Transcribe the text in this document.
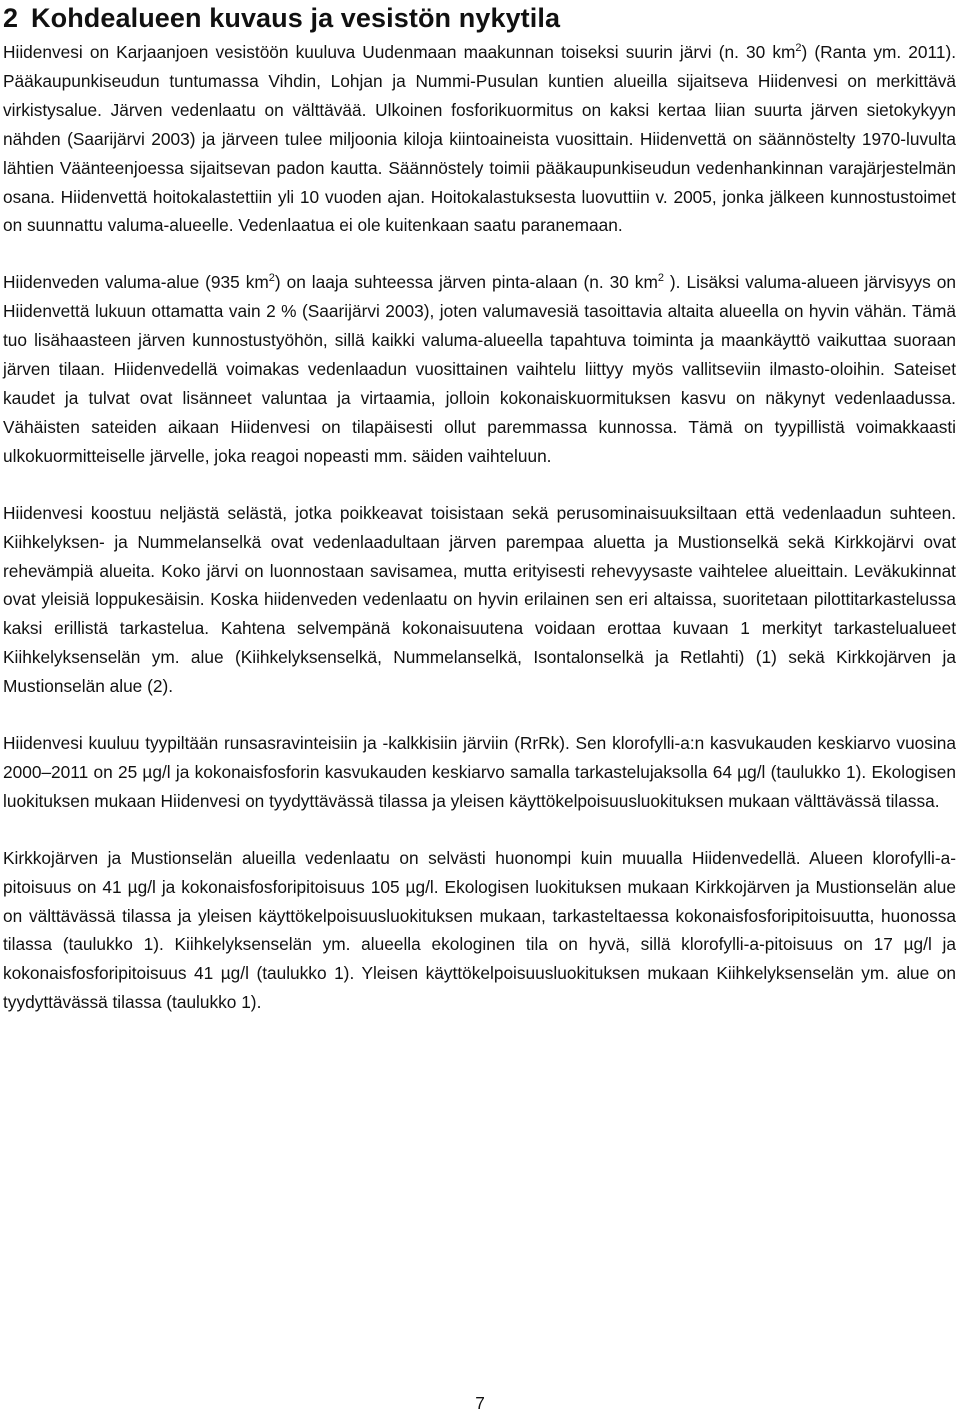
2 Kohdealueen kuvaus ja vesistön nykytila

Hiidenvesi on Karjaanjoen vesistöön kuuluva Uudenmaan maakunnan toiseksi suurin järvi (n. 30 $km^2$) (Ranta ym. 2011). Pääkaupunkiseudun tuntumassa Vihdin, Lohjan ja Nummi-Pusulan kuntien alueilla sijaitseva Hiidenvesi on merkittävä virkistysalue. Järven vedenlaatu on välttävää. Ulkoinen fosforikuormitus on kaksi kertaa liian suurta järven sietokykyyn nähden (Saarijärvi 2003) ja järveen tulee miljoonia kiloja kiintoaineista vuosittain. Hiidenvettä on säännöstelty 1970-luvulta lähtien Väänteenjoessa sijaitsevan padon kautta. Säännöstely toimii pääkaupunkiseudun vedenhankinnan varajärjestelmän osana. Hiidenvettä hoitokalastettiin yli 10 vuoden ajan. Hoitokalastuksesta luovuttiin v. 2005, jonka jälkeen kunnostustoimet on suunnattu valuma-alueelle. Vedenlaatua ei ole kuitenkaan saatu paranemaan.

Hiidenveden valuma-alue (935 $km^2$) on laaja suhteessa järven pinta-alaan (n. 30 $km^2$ ). Lisäksi valuma-alueen järvisyys on Hiidenvettä lukuun ottamatta vain 2 % (Saarijärvi 2003), joten valumavesiä tasoittavia altaita alueella on hyvin vähän. Tämä tuo lisähaasteen järven kunnostustyöhön, sillä kaikki valuma-alueella tapahtuva toiminta ja maankäyttö vaikuttaa suoraan järven tilaan. Hiidenvedellä voimakas vedenlaadun vuosittainen vaihtelu liittyy myös vallitseviin ilmasto-oloihin. Sateiset kaudet ja tulvat ovat lisänneet valuntaa ja virtaamia, jolloin kokonaiskuormituksen kasvu on näkynyt vedenlaadussa. Vähäisten sateiden aikaan Hiidenvesi on tilapäisesti ollut paremmassa kunnossa. Tämä on tyypillistä voimakkaasti ulkokuormitteiselle järvelle, joka reagoi nopeasti mm. säiden vaihteluun.

Hiidenvesi koostuu neljästä selästä, jotka poikkeavat toisistaan sekä perusominaisuuksiltaan että vedenlaadun suhteen. Kiihkelyksen- ja Nummelanselkä ovat vedenlaadultaan järven parempaa aluetta ja Mustionselkä sekä Kirkkojärvi ovat rehevämpiä alueita. Koko järvi on luonnostaan savisamea, mutta erityisesti rehevyysaste vaihtelee alueittain. Leväkukinnat ovat yleisiä loppukesäisin. Koska hiidenveden vedenlaatu on hyvin erilainen sen eri altaissa, suoritetaan pilottitarkastelussa kaksi erillistä tarkastelua. Kahtena selvempänä kokonaisuutena voidaan erottaa kuvaan 1 merkityt tarkastelualueet Kiihkelyksenselän ym. alue (Kiihkelyksenselkä, Nummelanselkä, Isontalonselkä ja Retlahti) (1) sekä Kirkkojärven ja Mustionselän alue (2).

Hiidenvesi kuuluu tyypiltään runsasravinteisiin ja -kalkkisiin järviin (RrRk). Sen klorofylli-a:n kasvukauden keskiarvo vuosina 2000–2011 on 25 µg/l ja kokonaisfosforin kasvukauden keskiarvo samalla tarkastelujaksolla 64 µg/l (taulukko 1). Ekologisen luokituksen mukaan Hiidenvesi on tyydyttävässä tilassa ja yleisen käyttökelpoisuusluokituksen mukaan välttävässä tilassa.

Kirkkojärven ja Mustionselän alueilla vedenlaatu on selvästi huonompi kuin muualla Hiidenvedellä. Alueen klorofylli-a-pitoisuus on 41 µg/l ja kokonaisfosforipitoisuus 105 µg/l. Ekologisen luokituksen mukaan Kirkkojärven ja Mustionselän alue on välttävässä tilassa ja yleisen käyttökelpoisuusluokituksen mukaan, tarkasteltaessa kokonaisfosforipitoisuutta, huonossa tilassa (taulukko 1). Kiihkelyksenselän ym. alueella ekologinen tila on hyvä, sillä klorofylli-a-pitoisuus on 17 µg/l ja kokonaisfosforipitoisuus 41 µg/l (taulukko 1). Yleisen käyttökelpoisuusluokituksen mukaan Kiihkelyksenselän ym. alue on tyydyttävässä tilassa (taulukko 1).

7
